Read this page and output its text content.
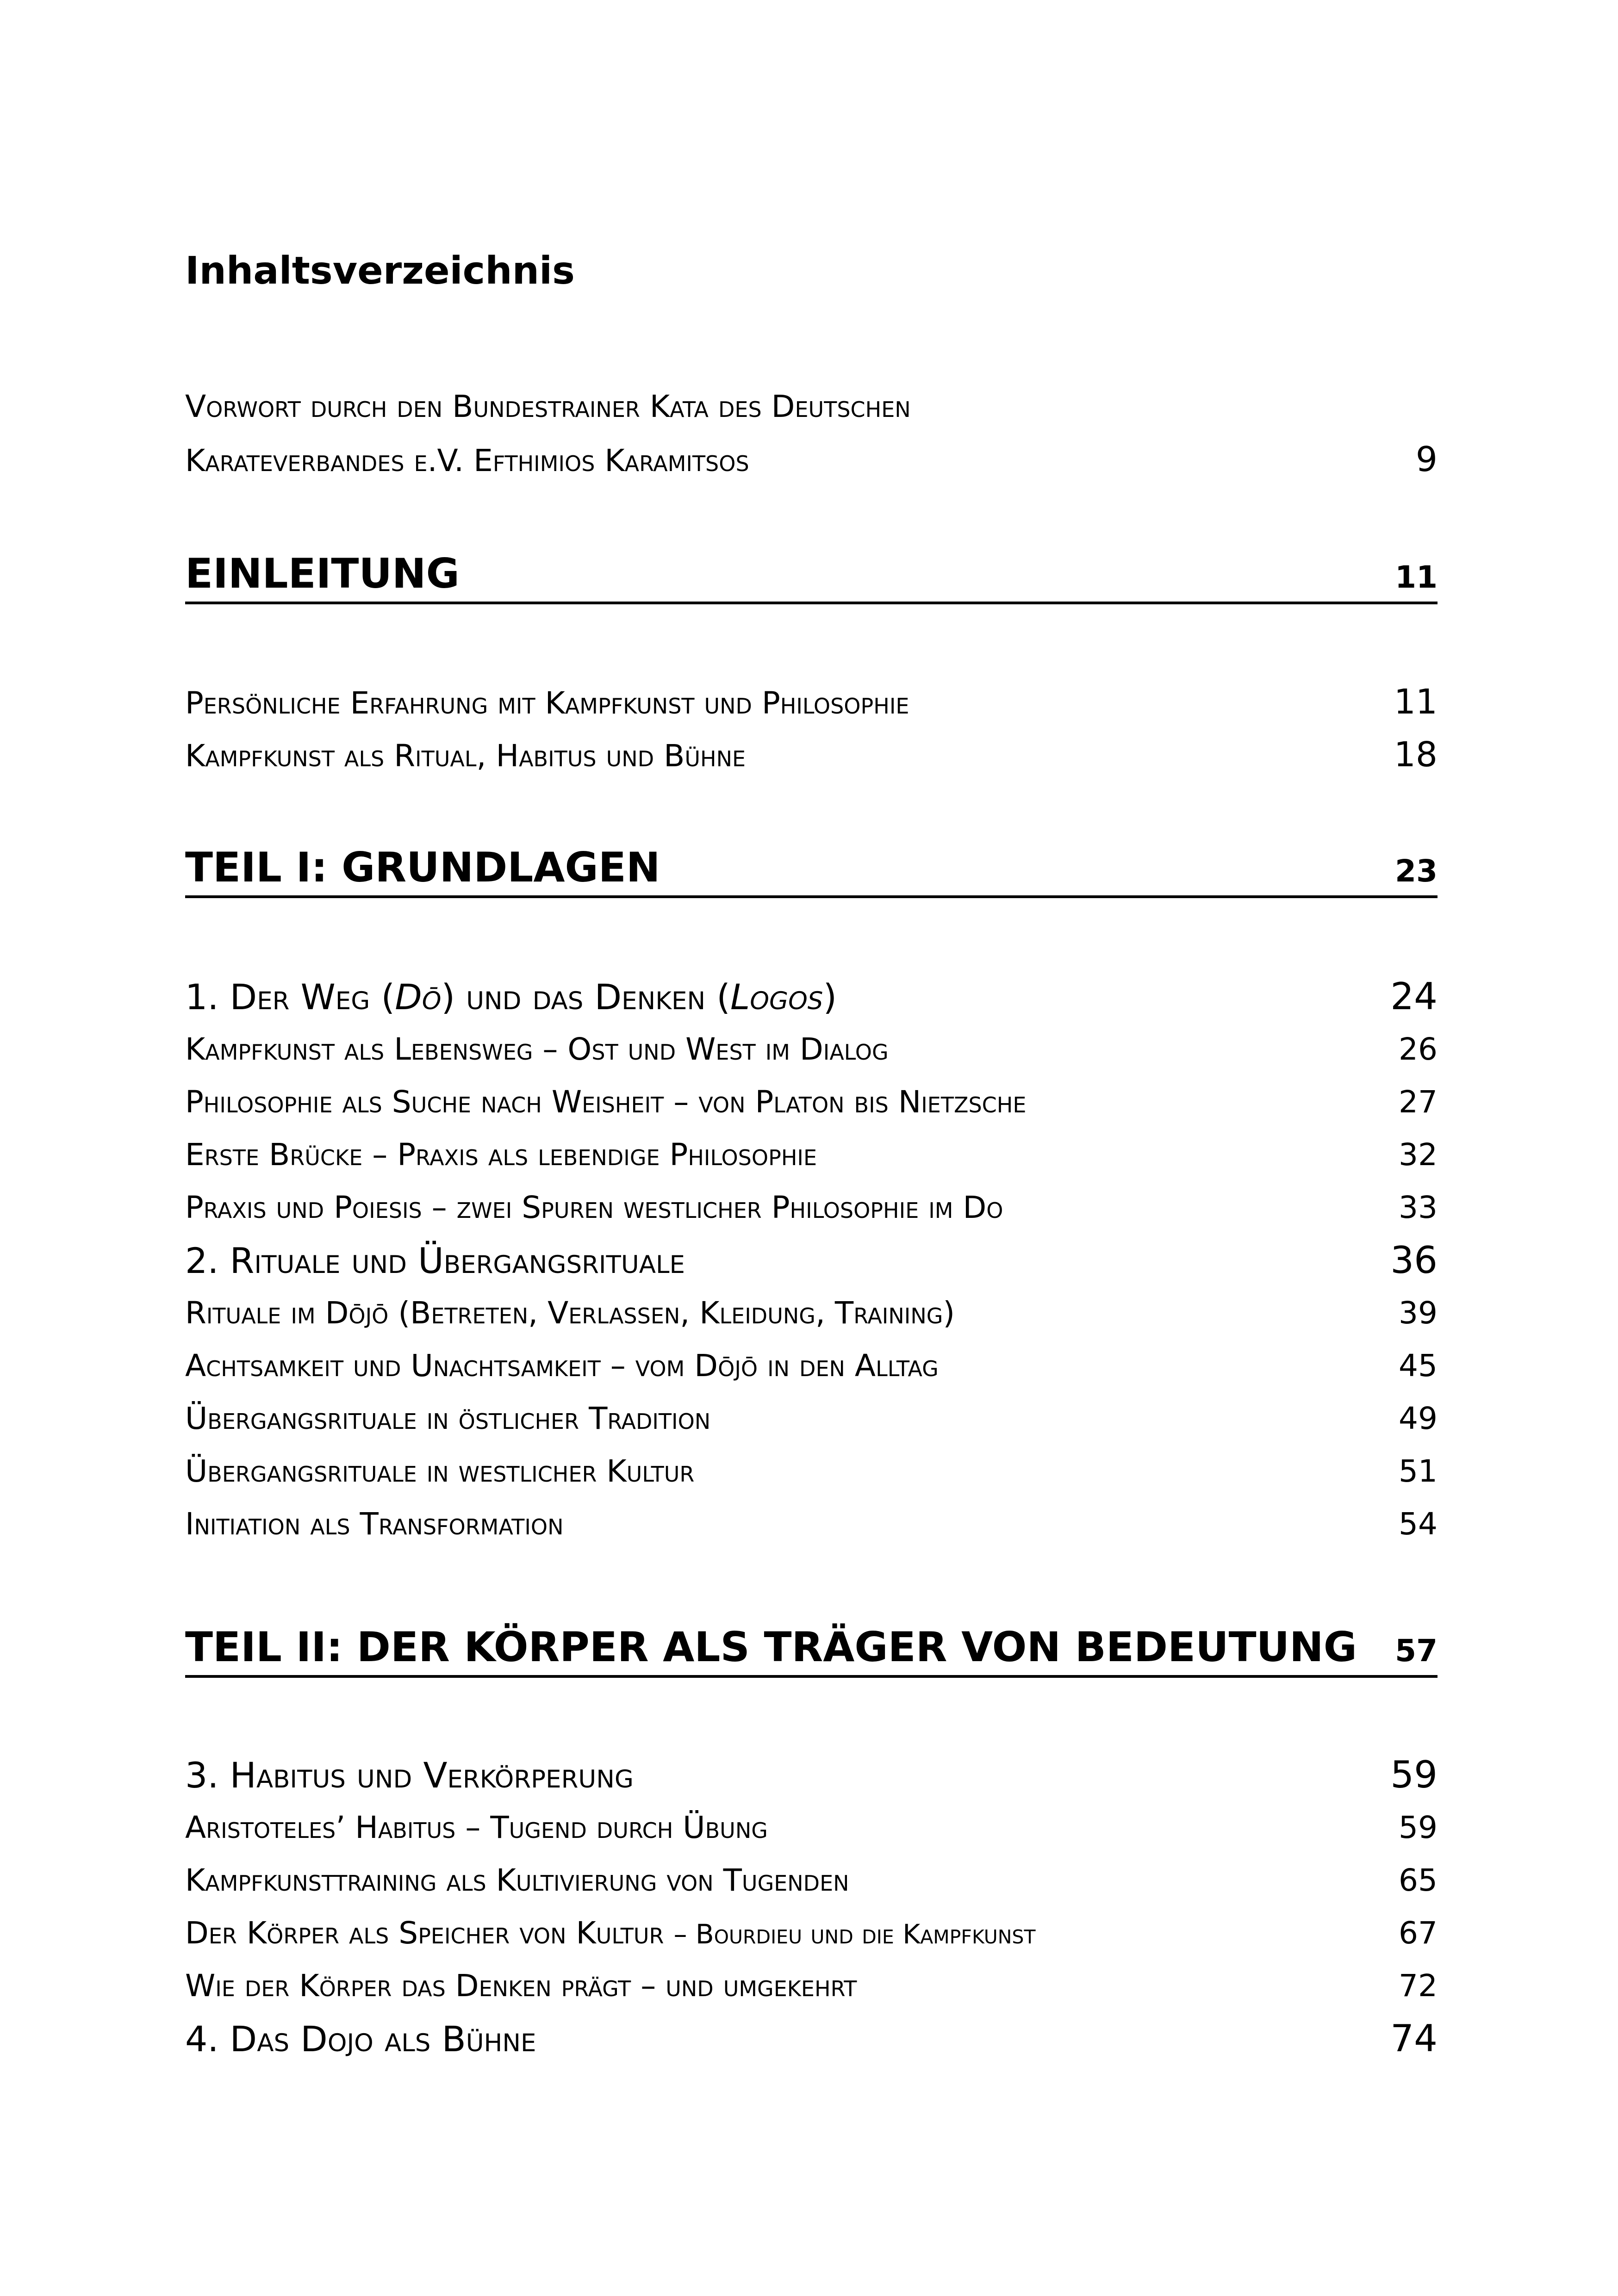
Inhaltsverzeichnis
Vorwort durch den Bundestrainer Kata des Deutschen
Karateverbandes e.V. Efthimios Karamitsos	9
EINLEITUNG	11
Persönliche Erfahrung mit Kampfkunst und Philosophie	11
Kampfkunst als Ritual, Habitus und Bühne	18
TEIL I: GRUNDLAGEN	23
1. Der Weg (Dō) und das Denken (Logos)	24
Kampfkunst als Lebensweg – Ost und West im Dialog	26
Philosophie als Suche nach Weisheit – von Platon bis Nietzsche	27
Erste Brücke – Praxis als lebendige Philosophie	32
Praxis und Poiesis – zwei Spuren westlicher Philosophie im Do	33
2. Rituale und Übergangsrituale	36
Rituale im Dōjō (Betreten, Verlassen, Kleidung, Training)	39
Achtsamkeit und Unachtsamkeit – vom Dōjō in den Alltag	45
Übergangsrituale in östlicher Tradition	49
Übergangsrituale in westlicher Kultur	51
Initiation als Transformation	54
TEIL II: DER KÖRPER ALS TRÄGER VON BEDEUTUNG 57
3. Habitus und Verkörperung	59
Aristoteles’ Habitus – Tugend durch Übung	59
Kampfkunsttraining als Kultivierung von Tugenden	65
Der Körper als Speicher von Kultur – Bourdieu und die Kampfkunst	67
Wie der Körper das Denken prägt – und umgekehrt	72
4. Das Dojo als Bühne	74
